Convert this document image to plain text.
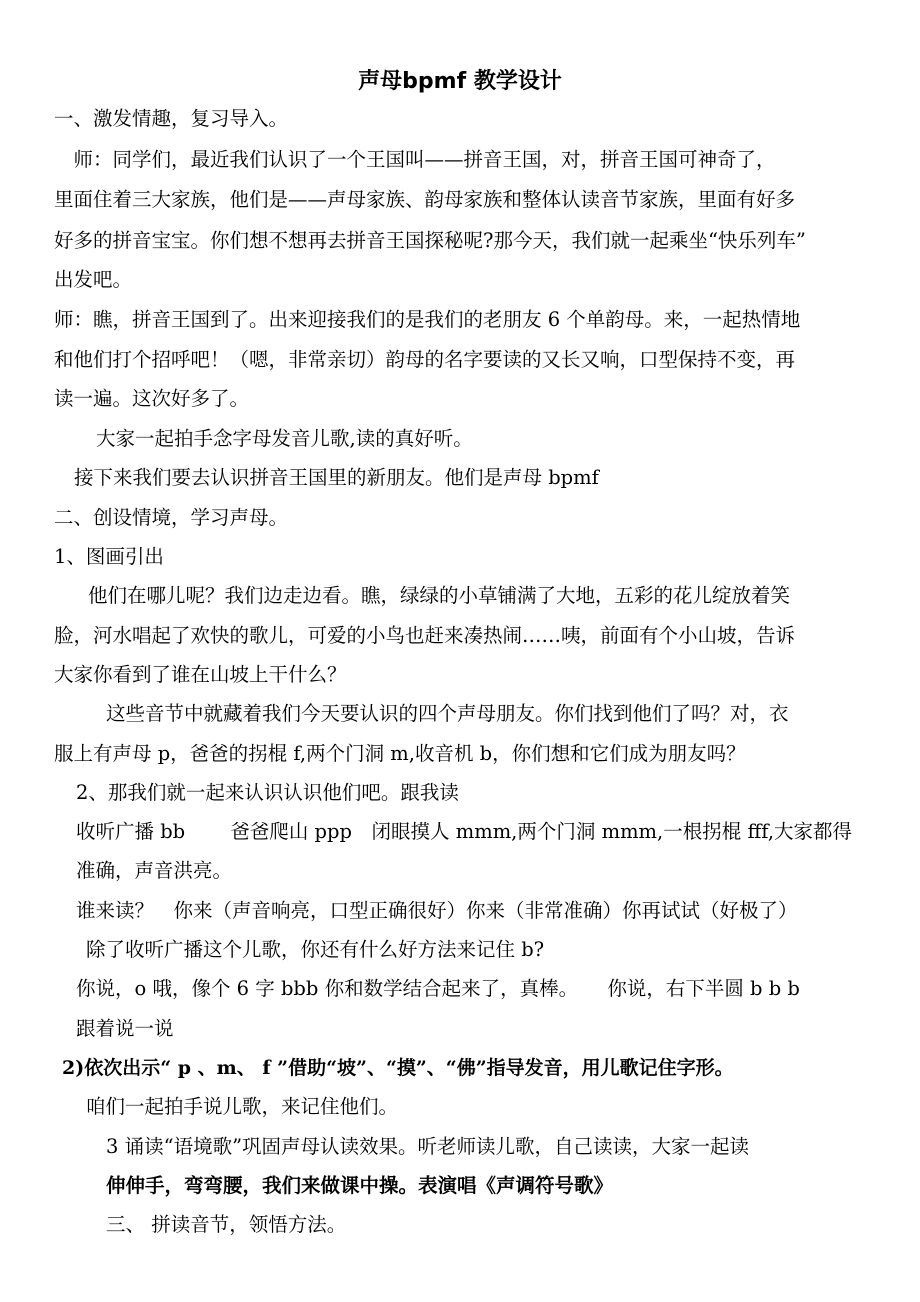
声母bpmf 教学设计
一、激发情趣，复习导入。
　师：同学们，最近我们认识了一个王国叫——拼音王国，对，拼音王国可神奇了，
里面住着三大家族，他们是——声母家族、韵母家族和整体认读音节家族，里面有好多
好多的拼音宝宝。你们想不想再去拼音王国探秘呢?那今天，我们就一起乘坐“快乐列车”
出发吧。
师：瞧，拼音王国到了。出来迎接我们的是我们的老朋友 6 个单韵母。来，一起热情地
和他们打个招呼吧！（嗯，非常亲切）韵母的名字要读的又长又响，口型保持不变，再
读一遍。这次好多了。
大家一起拍手念字母发音儿歌,读的真好听。
接下来我们要去认识拼音王国里的新朋友。他们是声母 bpmf
二、创设情境，学习声母。
1、图画引出
他们在哪儿呢？我们边走边看。瞧，绿绿的小草铺满了大地，五彩的花儿绽放着笑
脸，河水唱起了欢快的歌儿，可爱的小鸟也赶来凑热闹……咦，前面有个小山坡，告诉
大家你看到了谁在山坡上干什么？
这些音节中就藏着我们今天要认识的四个声母朋友。你们找到他们了吗？对，衣
服上有声母 p，爸爸的拐棍 f,两个门洞 m,收音机 b，你们想和它们成为朋友吗？
2、那我们就一起来认识认识他们吧。跟我读
收听广播 bb　　 爸爸爬山 ppp　闭眼摸人 mmm,两个门洞 mmm,一根拐棍 fff,大家都得
准确，声音洪亮。
谁来读？　你来（声音响亮，口型正确很好）你来（非常准确）你再试试（好极了）
除了收听广播这个儿歌，你还有什么好方法来记住 b?
你说，o 哦，像个 6 字 bbb 你和数学结合起来了，真棒。　　你说，右下半圆 b b b
跟着说一说
2)依次出示“ p 、m、 f ”借助“坡”、“摸”、“佛”指导发音，用儿歌记住字形。
咱们一起拍手说儿歌，来记住他们。
3 诵读“语境歌”巩固声母认读效果。听老师读儿歌，自己读读，大家一起读
伸伸手，弯弯腰，我们来做课中操。表演唱《声调符号歌》
三、 拼读音节，领悟方法。
